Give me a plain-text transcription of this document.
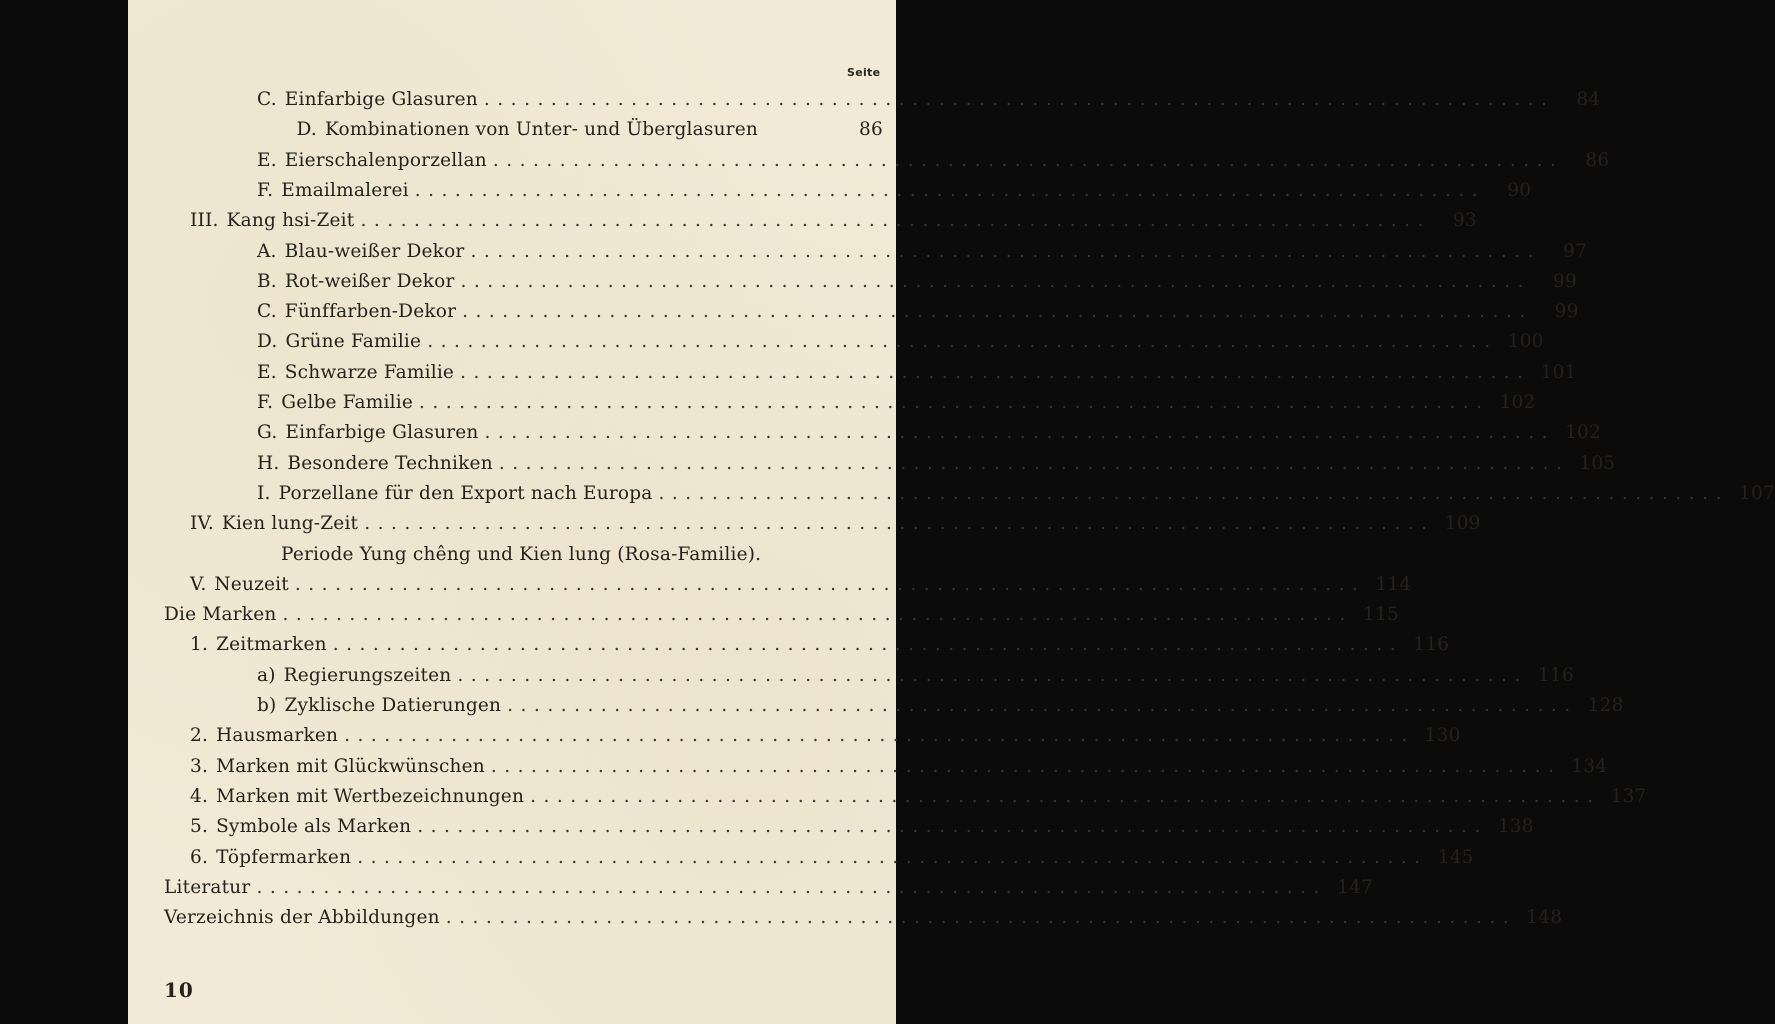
Seite
C. Einfarbige Glasuren ................................................................................	84
D. Kombinationen von Unter- und Überglasuren	86
E. Eierschalenporzellan ................................................................................	86
F. Emailmalerei ................................................................................	90
III. Kang hsi-Zeit ................................................................................	93
A. Blau-weißer Dekor ................................................................................	97
B. Rot-weißer Dekor ................................................................................	99
C. Fünffarben-Dekor ................................................................................	99
D. Grüne Familie ................................................................................ 100
E. Schwarze Familie ................................................................................ 101
F. Gelbe Familie ................................................................................ 102
G. Einfarbige Glasuren ................................................................................ 102
H. Besondere Techniken ................................................................................ 105
I. Porzellane für den Export nach Europa ................................................................................ 107
IV. Kien lung-Zeit ................................................................................ 109
Periode Yung chêng und Kien lung (Rosa-Familie).
V. Neuzeit ................................................................................ 114
Die Marken ................................................................................ 115
1. Zeitmarken ................................................................................ 116
a) Regierungszeiten ................................................................................ 116
b) Zyklische Datierungen ................................................................................ 128
2. Hausmarken ................................................................................ 130
3. Marken mit Glückwünschen ................................................................................ 134
4. Marken mit Wertbezeichnungen ................................................................................ 137
5. Symbole als Marken ................................................................................ 138
6. Töpfermarken ................................................................................ 145
Literatur ................................................................................ 147
Verzeichnis der Abbildungen ................................................................................ 148
10
